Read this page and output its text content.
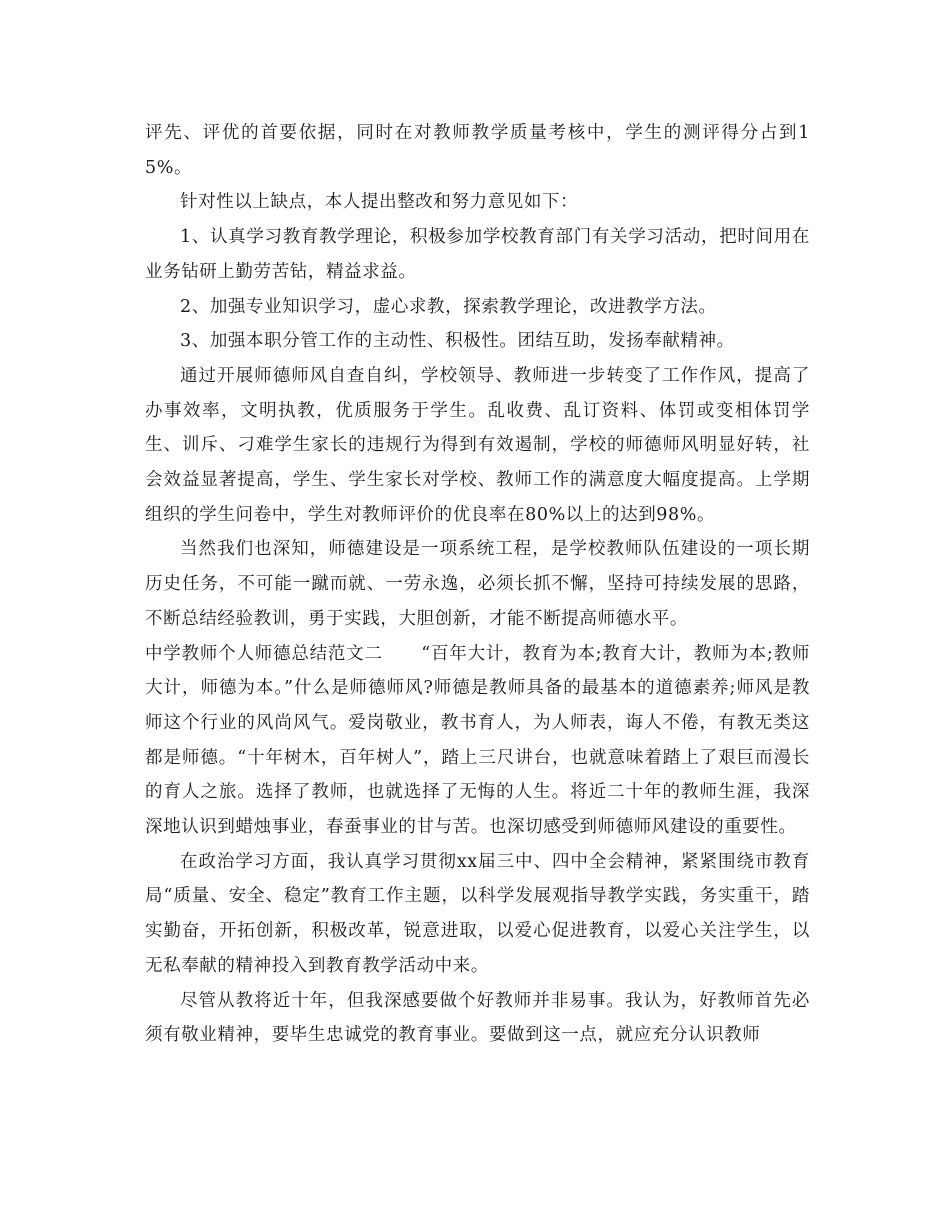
评先、评优的首要依据，同时在对教师教学质量考核中，学生的测评得分占到15%。

针对性以上缺点，本人提出整改和努力意见如下：

1、认真学习教育教学理论，积极参加学校教育部门有关学习活动，把时间用在业务钻研上勤劳苦钻，精益求益。

2、加强专业知识学习，虚心求教，探索教学理论，改进教学方法。

3、加强本职分管工作的主动性、积极性。团结互助，发扬奉献精神。

通过开展师德师风自查自纠，学校领导、教师进一步转变了工作作风，提高了办事效率，文明执教，优质服务于学生。乱收费、乱订资料、体罚或变相体罚学生、训斥、刁难学生家长的违规行为得到有效遏制，学校的师德师风明显好转，社会效益显著提高，学生、学生家长对学校、教师工作的满意度大幅度提高。上学期组织的学生问卷中，学生对教师评价的优良率在80%以上的达到98%。

当然我们也深知，师德建设是一项系统工程，是学校教师队伍建设的一项长期历史任务，不可能一蹴而就、一劳永逸，必须长抓不懈，坚持可持续发展的思路，不断总结经验教训，勇于实践，大胆创新，才能不断提高师德水平。

中学教师个人师德总结范文二 “百年大计，教育为本;教育大计，教师为本;教师大计，师德为本。”什么是师德师风?师德是教师具备的最基本的道德素养;师风是教师这个行业的风尚风气。爱岗敬业，教书育人，为人师表，诲人不倦，有教无类这都是师德。“十年树木，百年树人”，踏上三尺讲台，也就意味着踏上了艰巨而漫长的育人之旅。选择了教师，也就选择了无悔的人生。将近二十年的教师生涯，我深深地认识到蜡烛事业，春蚕事业的甘与苦。也深切感受到师德师风建设的重要性。

在政治学习方面，我认真学习贯彻xx届三中、四中全会精神，紧紧围绕市教育局“质量、安全、稳定”教育工作主题，以科学发展观指导教学实践，务实重干，踏实勤奋，开拓创新，积极改革，锐意进取，以爱心促进教育，以爱心关注学生，以无私奉献的精神投入到教育教学活动中来。

尽管从教将近十年，但我深感要做个好教师并非易事。我认为，好教师首先必须有敬业精神，要毕生忠诚党的教育事业。要做到这一点，就应充分认识教师
